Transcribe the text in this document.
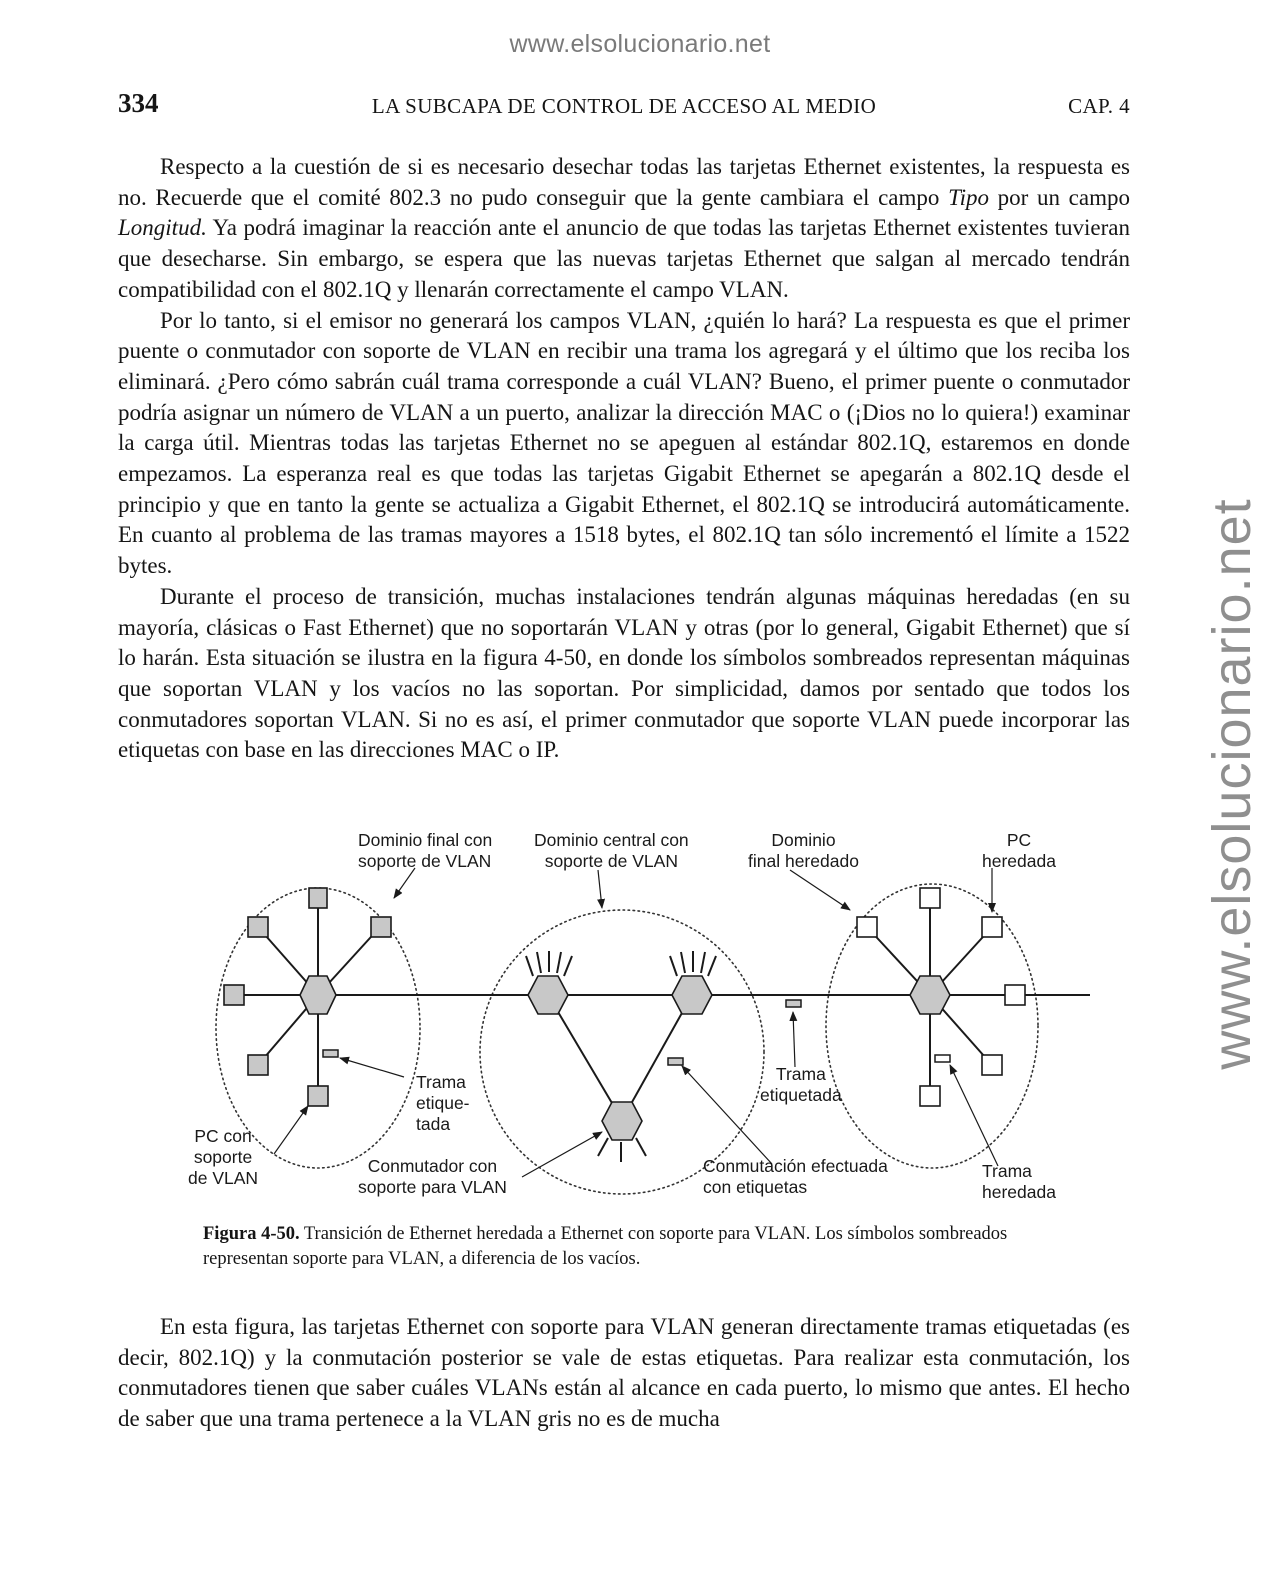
www.elsolucionario.net
www.elsolucionario.net
334	LA SUBCAPA DE CONTROL DE ACCESO AL MEDIO	CAP. 4

Respecto a la cuestión de si es necesario desechar todas las tarjetas Ethernet existentes, la respuesta es no. Recuerde que el comité 802.3 no pudo conseguir que la gente cambiara el campo Tipo por un campo Longitud. Ya podrá imaginar la reacción ante el anuncio de que todas las tarjetas Ethernet existentes tuvieran que desecharse. Sin embargo, se espera que las nuevas tarjetas Ethernet que salgan al mercado tendrán compatibilidad con el 802.1Q y llenarán correctamente el campo VLAN.

Por lo tanto, si el emisor no generará los campos VLAN, ¿quién lo hará? La respuesta es que el primer puente o conmutador con soporte de VLAN en recibir una trama los agregará y el último que los reciba los eliminará. ¿Pero cómo sabrán cuál trama corresponde a cuál VLAN? Bueno, el primer puente o conmutador podría asignar un número de VLAN a un puerto, analizar la dirección MAC o (¡Dios no lo quiera!) examinar la carga útil. Mientras todas las tarjetas Ethernet no se apeguen al estándar 802.1Q, estaremos en donde empezamos. La esperanza real es que todas las tarjetas Gigabit Ethernet se apegarán a 802.1Q desde el principio y que en tanto la gente se actualiza a Gigabit Ethernet, el 802.1Q se introducirá automáticamente. En cuanto al problema de las tramas mayores a 1518 bytes, el 802.1Q tan sólo incrementó el límite a 1522 bytes.

Durante el proceso de transición, muchas instalaciones tendrán algunas máquinas heredadas (en su mayoría, clásicas o Fast Ethernet) que no soportarán VLAN y otras (por lo general, Gigabit Ethernet) que sí lo harán. Esta situación se ilustra en la figura 4-50, en donde los símbolos sombreados representan máquinas que soportan VLAN y los vacíos no las soportan. Por simplicidad, damos por sentado que todos los conmutadores soportan VLAN. Si no es así, el primer conmutador que soporte VLAN puede incorporar las etiquetas con base en las direcciones MAC o IP.

Dominio final con
soporte de VLAN
Dominio central con
soporte de VLAN
Dominio
final heredado
PC
heredada
Trama
etique-
tada
Trama
etiquetada
PC con
soporte
de VLAN
Conmutador con
soporte para VLAN
Conmutación efectuada
con etiquetas
Trama
heredada
Figura 4-50. Transición de Ethernet heredada a Ethernet con soporte para VLAN. Los símbolos sombreados representan soporte para VLAN, a diferencia de los vacíos.

En esta figura, las tarjetas Ethernet con soporte para VLAN generan directamente tramas etiquetadas (es decir, 802.1Q) y la conmutación posterior se vale de estas etiquetas. Para realizar esta conmutación, los conmutadores tienen que saber cuáles VLANs están al alcance en cada puerto, lo mismo que antes. El hecho de saber que una trama pertenece a la VLAN gris no es de mucha
